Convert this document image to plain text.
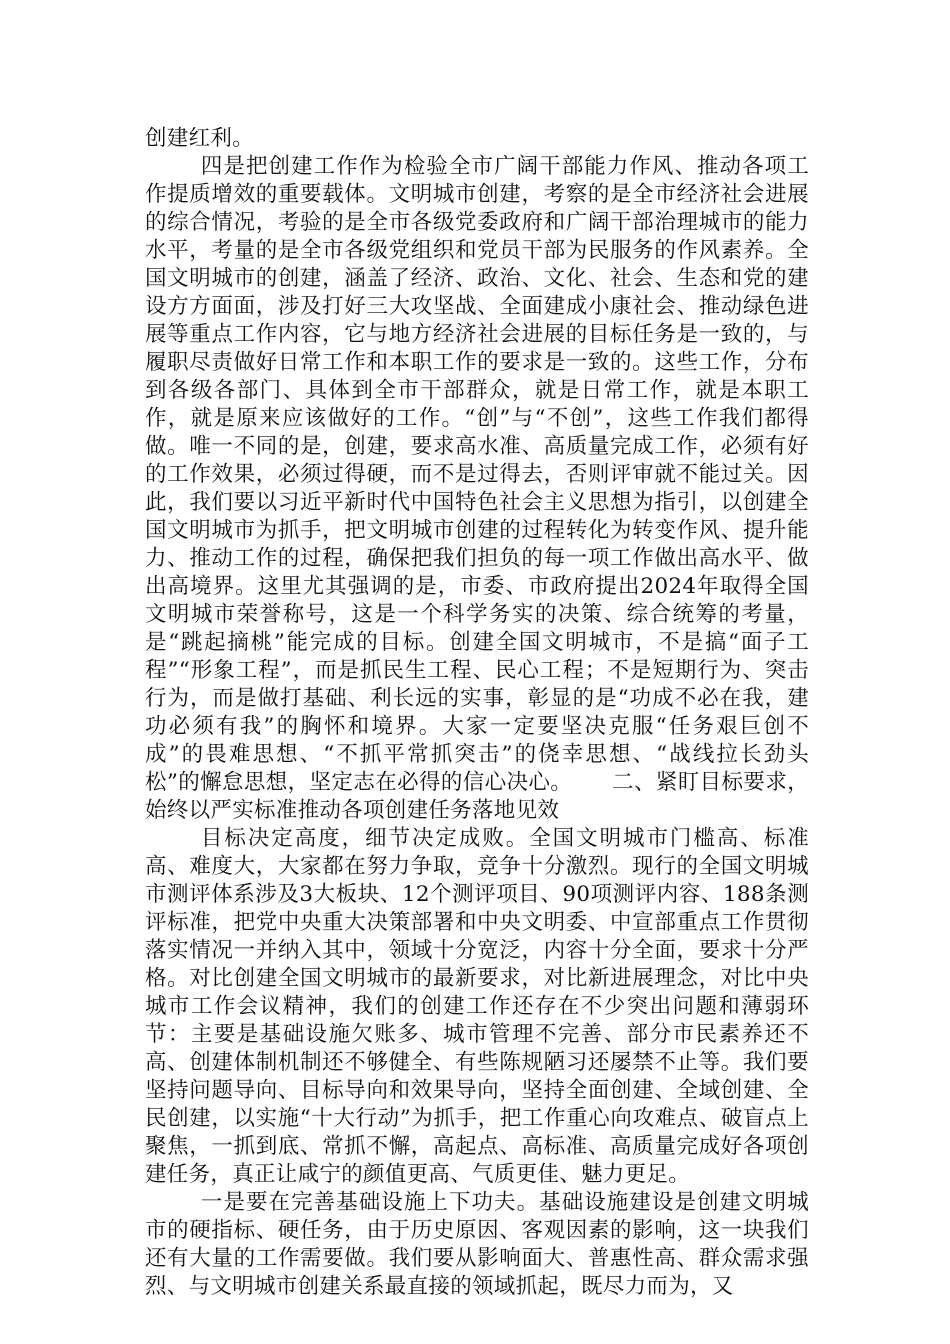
创建红利。

四是把创建工作作为检验全市广阔干部能力作风、推动各项工作提质增效的重要载体。文明城市创建，考察的是全市经济社会进展的综合情况，考验的是全市各级党委政府和广阔干部治理城市的能力水平，考量的是全市各级党组织和党员干部为民服务的作风素养。全国文明城市的创建，涵盖了经济、政治、文化、社会、生态和党的建设方方面面，涉及打好三大攻坚战、全面建成小康社会、推动绿色进展等重点工作内容，它与地方经济社会进展的目标任务是一致的，与履职尽责做好日常工作和本职工作的要求是一致的。这些工作，分布到各级各部门、具体到全市干部群众，就是日常工作，就是本职工作，就是原来应该做好的工作。“创”与“不创”，这些工作我们都得做。唯一不同的是，创建，要求高水准、高质量完成工作，必须有好的工作效果，必须过得硬，而不是过得去，否则评审就不能过关。因此，我们要以习近平新时代中国特色社会主义思想为指引，以创建全国文明城市为抓手，把文明城市创建的过程转化为转变作风、提升能力、推动工作的过程，确保把我们担负的每一项工作做出高水平、做出高境界。这里尤其强调的是，市委、市政府提出2024年取得全国文明城市荣誉称号，这是一个科学务实的决策、综合统筹的考量，是“跳起摘桃”能完成的目标。创建全国文明城市，不是搞“面子工程”“形象工程”，而是抓民生工程、民心工程；不是短期行为、突击行为，而是做打基础、利长远的实事，彰显的是“功成不必在我，建功必须有我”的胸怀和境界。大家一定要坚决克服“任务艰巨创不成”的畏难思想、“不抓平常抓突击”的侥幸思想、“战线拉长劲头松”的懈怠思想，坚定志在必得的信心决心。 二、紧盯目标要求，始终以严实标准推动各项创建任务落地见效

目标决定高度，细节决定成败。全国文明城市门槛高、标准高、难度大，大家都在努力争取，竞争十分激烈。现行的全国文明城市测评体系涉及3大板块、12个测评项目、90项测评内容、188条测评标准，把党中央重大决策部署和中央文明委、中宣部重点工作贯彻落实情况一并纳入其中，领域十分宽泛，内容十分全面，要求十分严格。对比创建全国文明城市的最新要求，对比新进展理念，对比中央城市工作会议精神，我们的创建工作还存在不少突出问题和薄弱环节：主要是基础设施欠账多、城市管理不完善、部分市民素养还不高、创建体制机制还不够健全、有些陈规陋习还屡禁不止等。我们要坚持问题导向、目标导向和效果导向，坚持全面创建、全域创建、全民创建，以实施“十大行动”为抓手，把工作重心向攻难点、破盲点上聚焦，一抓到底、常抓不懈，高起点、高标准、高质量完成好各项创建任务，真正让咸宁的颜值更高、气质更佳、魅力更足。

一是要在完善基础设施上下功夫。基础设施建设是创建文明城市的硬指标、硬任务，由于历史原因、客观因素的影响，这一块我们还有大量的工作需要做。我们要从影响面大、普惠性高、群众需求强烈、与文明城市创建关系最直接的领域抓起，既尽力而为，又
